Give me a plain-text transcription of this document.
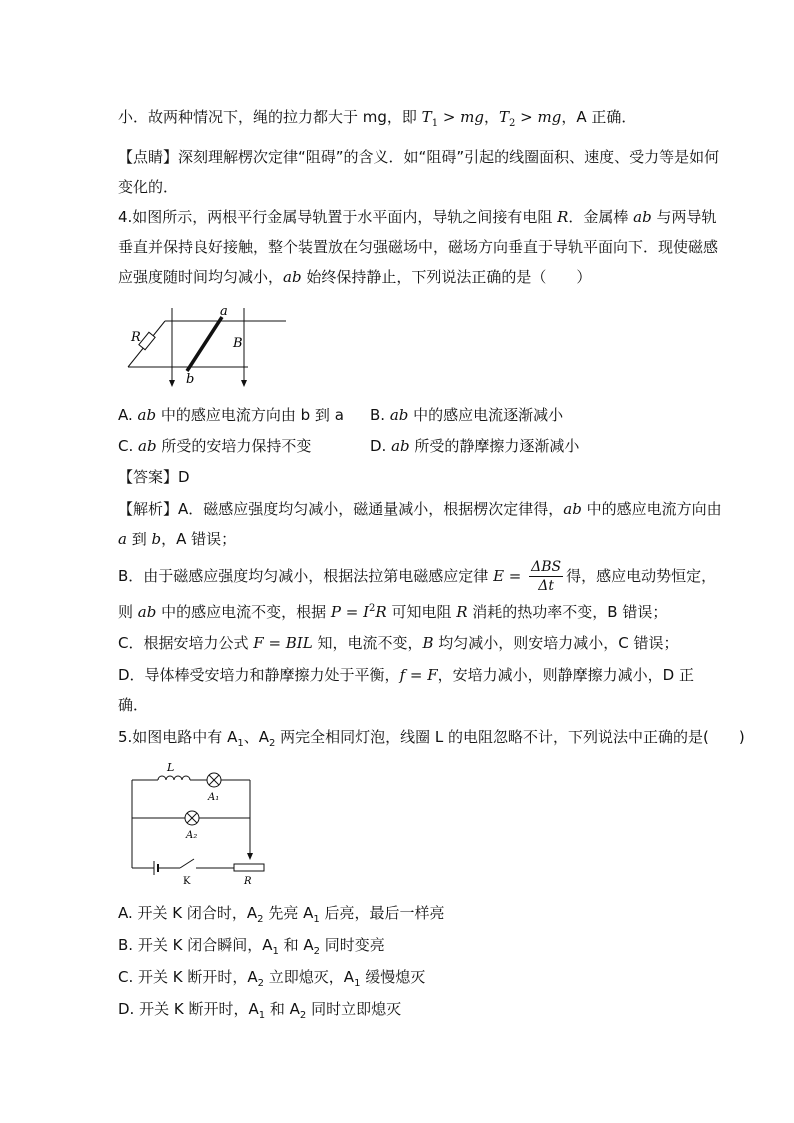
小．故两种情况下，绳的拉力都大于 mg，即 $T_1$ > mg，$T_2$ > mg，A 正确．
【点睛】深刻理解楞次定律“阻碍”的含义．如“阻碍”引起的线圈面积、速度、受力等是如何
变化的．
4.如图所示，两根平行金属导轨置于水平面内，导轨之间接有电阻 R．金属棒 ab 与两导轨
垂直并保持良好接触，整个装置放在匀强磁场中，磁场方向垂直于导轨平面向下．现使磁感
应强度随时间均匀减小，ab 始终保持静止，下列说法正确的是（　　）
a
b
R	B
A. ab 中的感应电流方向由 b 到 a B. ab 中的感应电流逐渐减小
C. ab 所受的安培力保持不变	D. ab 所受的静摩擦力逐渐减小
【答案】D
【解析】A．磁感应强度均匀减小，磁通量减小，根据楞次定律得，ab 中的感应电流方向由
a 到 b，A 错误；
B．由于磁感应强度均匀减小，根据法拉第电磁感应定律 $E = \frac{\text{ΔBS}}{\Delta t}$ 得，感应电动势恒定，
则 ab 中的感应电流不变，根据 $P = I^2R$ 可知电阻 R 消耗的热功率不变，B 错误；
C．根据安培力公式 F = BIL 知，电流不变，B 均匀减小，则安培力减小，C 错误；
D．导体棒受安培力和静摩擦力处于平衡，f = F，安培力减小，则静摩擦力减小，D 正
确．
5.如图电路中有 $A_1$、$A_2$ 两完全相同灯泡，线圈 L 的电阻忽略不计，下列说法中正确的是(　　)
L
A₁
A₂
K	R
A. 开关 K 闭合时，$A_2$ 先亮 $A_1$ 后亮，最后一样亮
B. 开关 K 闭合瞬间，$A_1$ 和 $A_2$ 同时变亮
C. 开关 K 断开时，$A_2$ 立即熄灭，$A_1$ 缓慢熄灭
D. 开关 K 断开时，$A_1$ 和 $A_2$ 同时立即熄灭
